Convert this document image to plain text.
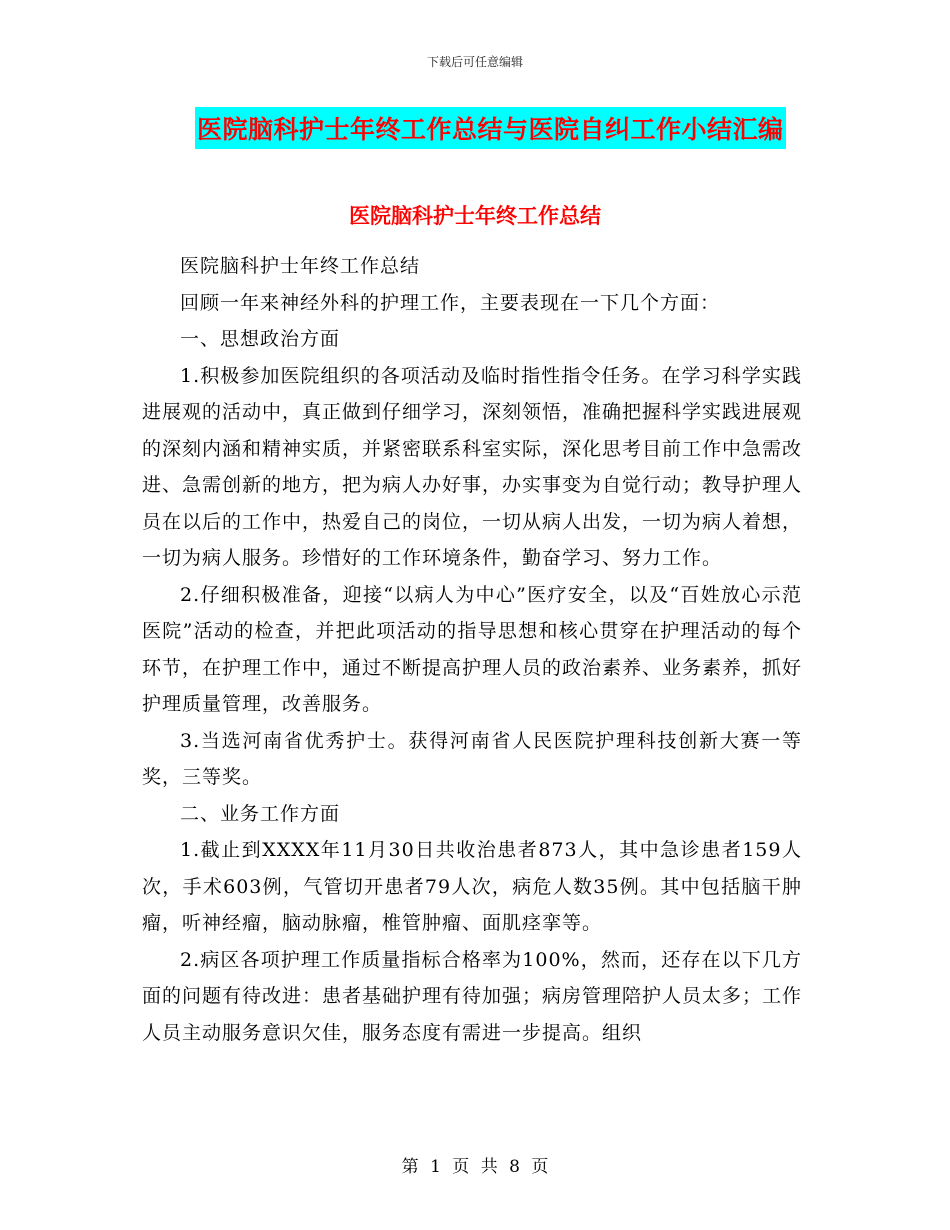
下载后可任意编辑
医院脑科护士年终工作总结与医院自纠工作小结汇编
医院脑科护士年终工作总结

医院脑科护士年终工作总结

回顾一年来神经外科的护理工作，主要表现在一下几个方面：

一、思想政治方面

1.积极参加医院组织的各项活动及临时指性指令任务。在学习科学实践进展观的活动中，真正做到仔细学习，深刻领悟，准确把握科学实践进展观的深刻内涵和精神实质，并紧密联系科室实际，深化思考目前工作中急需改进、急需创新的地方，把为病人办好事，办实事变为自觉行动；教导护理人员在以后的工作中，热爱自己的岗位，一切从病人出发，一切为病人着想，一切为病人服务。珍惜好的工作环境条件，勤奋学习、努力工作。

2.仔细积极准备，迎接“以病人为中心”医疗安全，以及“百姓放心示范医院”活动的检查，并把此项活动的指导思想和核心贯穿在护理活动的每个环节，在护理工作中，通过不断提高护理人员的政治素养、业务素养，抓好护理质量管理，改善服务。

3.当选河南省优秀护士。获得河南省人民医院护理科技创新大赛一等奖，三等奖。

二、业务工作方面

1.截止到XXXX年11月30日共收治患者873人，其中急诊患者159人次，手术603例，气管切开患者79人次，病危人数35例。其中包括脑干肿瘤，听神经瘤，脑动脉瘤，椎管肿瘤、面肌痉挛等。

2.病区各项护理工作质量指标合格率为100%，然而，还存在以下几方面的问题有待改进：患者基础护理有待加强；病房管理陪护人员太多；工作人员主动服务意识欠佳，服务态度有需进一步提高。组织

第 1 页 共 8 页
